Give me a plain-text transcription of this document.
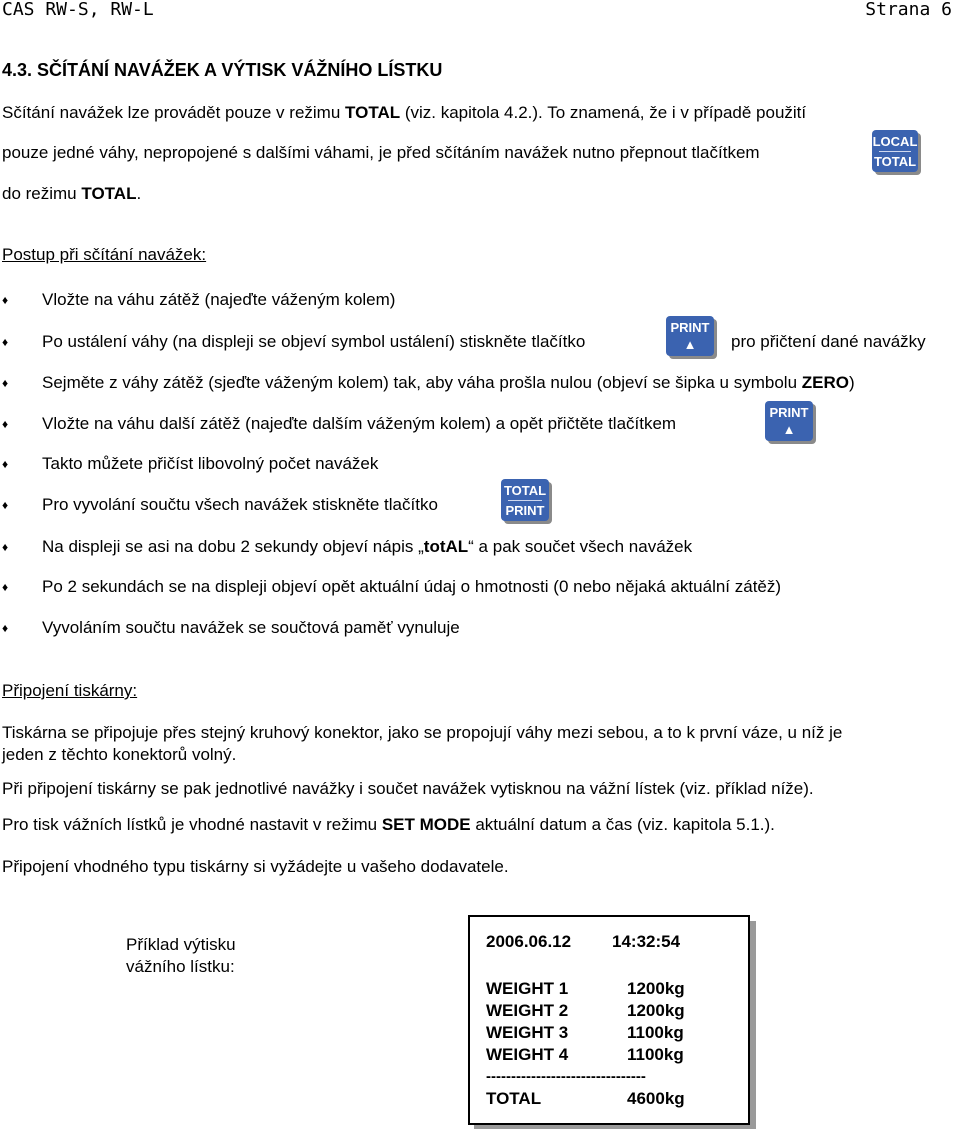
CAS RW-S, RW-L	Strana 6
4.3. SČÍTÁNÍ NAVÁŽEK A VÝTISK VÁŽNÍHO LÍSTKU
Sčítání navážek lze provádět pouze v režimu TOTAL (viz. kapitola 4.2.). To znamená, že i v případě použití
pouze jedné váhy, nepropojené s dalšími váhami, je před sčítáním navážek nutno přepnout tlačítkem
LOCAL
TOTAL
do režimu TOTAL.
Postup při sčítání navážek:
♦ Vložte na váhu zátěž (najeďte váženým kolem)
♦ Po ustálení váhy (na displeji se objeví symbol ustálení) stiskněte tlačítko
PRINT
▲ pro přičtení dané navážky
♦ Sejměte z váhy zátěž (sjeďte váženým kolem) tak, aby váha prošla nulou (objeví se šipka u symbolu ZERO)
♦ Vložte na váhu další zátěž (najeďte dalším váženým kolem) a opět přičtěte tlačítkem
PRINT
▲
♦ Takto můžete přičíst libovolný počet navážek
♦ Pro vyvolání součtu všech navážek stiskněte tlačítko
TOTAL
PRINT
♦ Na displeji se asi na dobu 2 sekundy objeví nápis „totAL“ a pak součet všech navážek
♦ Po 2 sekundách se na displeji objeví opět aktuální údaj o hmotnosti (0 nebo nějaká aktuální zátěž)
♦ Vyvoláním součtu navážek se součtová paměť vynuluje
Připojení tiskárny:
Tiskárna se připojuje přes stejný kruhový konektor, jako se propojují váhy mezi sebou, a to k první váze, u níž je
jeden z těchto konektorů volný.
Při připojení tiskárny se pak jednotlivé navážky i součet navážek vytisknou na vážní lístek (viz. příklad níže).
Pro tisk vážních lístků je vhodné nastavit v režimu SET MODE aktuální datum a čas (viz. kapitola 5.1.).
Připojení vhodného typu tiskárny si vyžádejte u vašeho dodavatele.
Příklad výtisku
vážního lístku:
2006.06.12 14:32:54
WEIGHT 1	1200kg
WEIGHT 2	1200kg
WEIGHT 3	1100kg
WEIGHT 4	1100kg
--------------------------------
TOTAL	4600kg
